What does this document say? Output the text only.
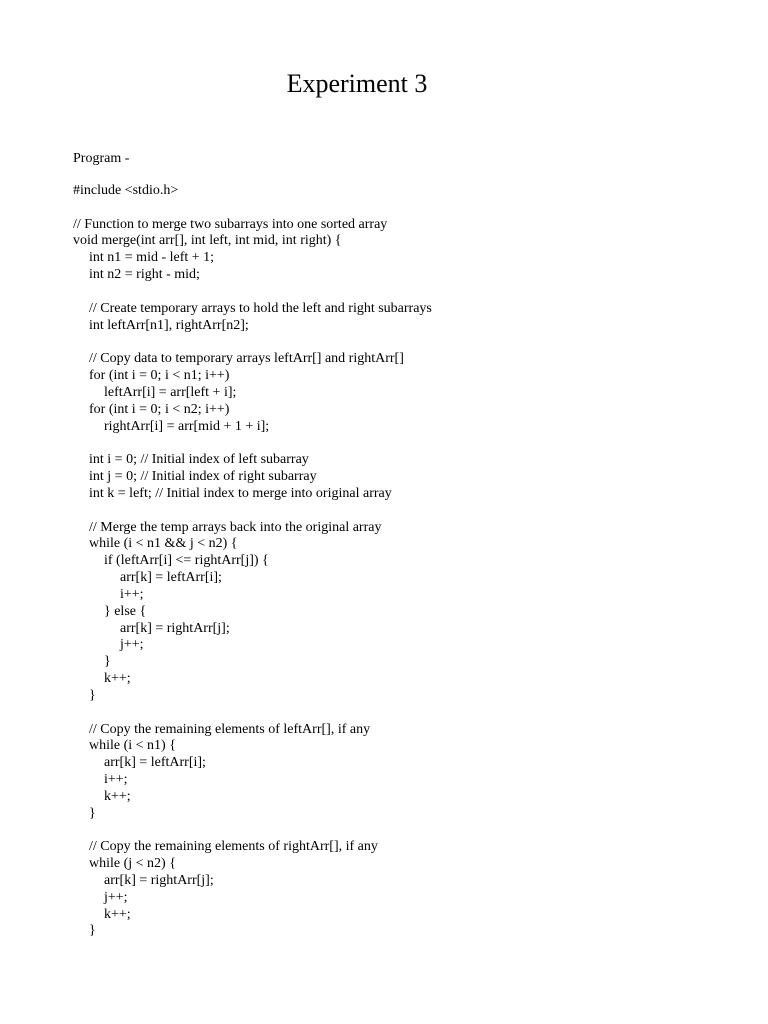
Experiment 3

Program -

#include <stdio.h>
// Function to merge two subarrays into one sorted array
void merge(int arr[], int left, int mid, int right) {
int n1 = mid - left + 1;
int n2 = right - mid;
// Create temporary arrays to hold the left and right subarrays
int leftArr[n1], rightArr[n2];
// Copy data to temporary arrays leftArr[] and rightArr[]
for (int i = 0; i < n1; i++)
leftArr[i] = arr[left + i];
for (int i = 0; i < n2; i++)
rightArr[i] = arr[mid + 1 + i];
int i = 0; // Initial index of left subarray
int j = 0; // Initial index of right subarray
int k = left; // Initial index to merge into original array
// Merge the temp arrays back into the original array
while (i < n1 && j < n2) {
if (leftArr[i] <= rightArr[j]) {
arr[k] = leftArr[i];
i++;
} else {
arr[k] = rightArr[j];
j++;
}
k++;
}
// Copy the remaining elements of leftArr[], if any
while (i < n1) {
arr[k] = leftArr[i];
i++;
k++;
}
// Copy the remaining elements of rightArr[], if any
while (j < n2) {
arr[k] = rightArr[j];
j++;
k++;
}
